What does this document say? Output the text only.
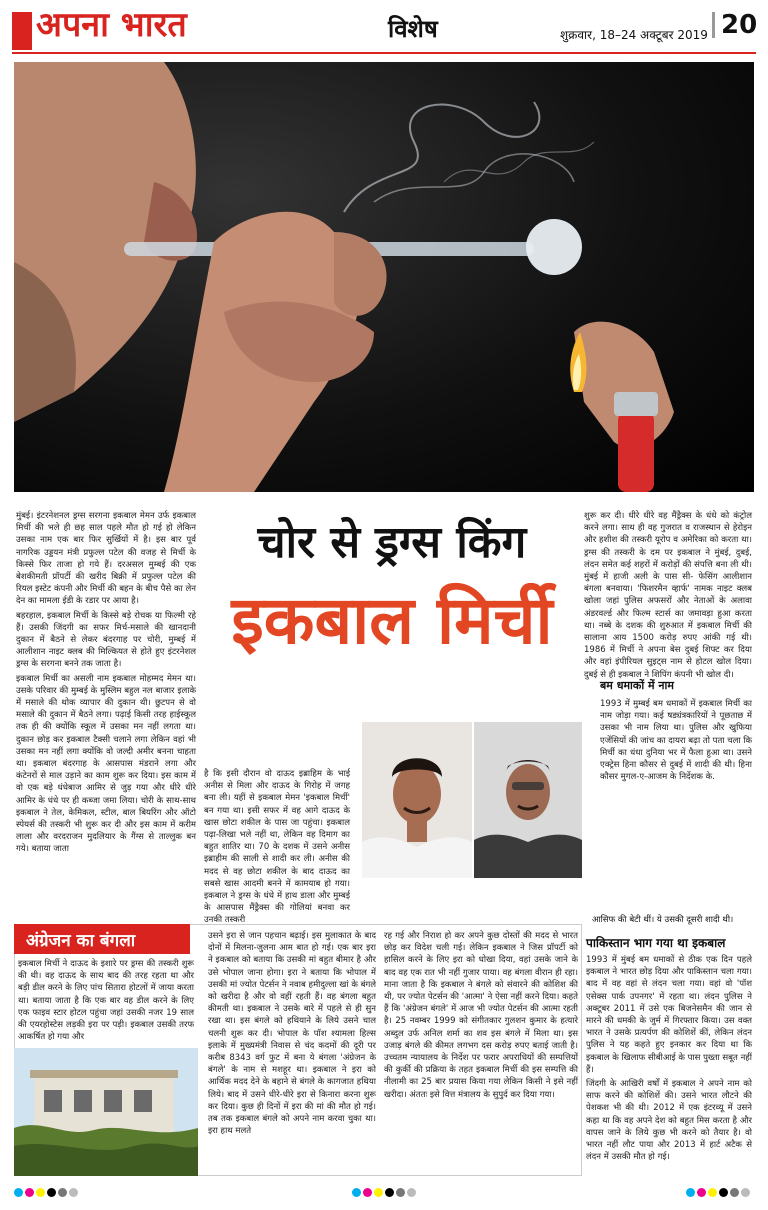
अपना भारत	विशेष	शुक्रवार, 18–24 अक्टूबर 2019 20

मुंबई। इंटरनेशनल ड्रग्स सरगना इकबाल मेमन उर्फ इकबाल मिर्ची की भले ही छह साल पहले मौत हो गई हो लेकिन उसका नाम एक बार फिर सुर्खियों में है। इस बार पूर्व नागरिक उड्डयन मंत्री प्रफुल्ल पटेल की वजह से मिर्ची के किस्से फिर ताजा हो गये हैं। दरअसल मुम्बई की एक बेशकीमती प्रॉपर्टी की खरीद बिक्री में प्रफुल्ल पटेल की रियल इस्टेट कंपनी और मिर्ची की बहन के बीच पैसे का लेन देन का मामला ईडी के रडार पर आया है।

बहरहाल, इकबाल मिर्ची के किस्से बड़े रोचक या फिल्मी रहे हैं। उसकी जिंदगी का सफर मिर्च-मसाले की खानदानी दुकान में बैठने से लेकर बंदरगाह पर चोरी, मुम्बई में आलीशान नाइट क्लब की मिल्कियत से होते हुए इंटरनेशल ड्रग्स के सरगना बनने तक जाता है।

इकबाल मिर्ची का असली नाम इकबाल मोहम्मद मेमन था। उसके परिवार की मुम्बई के मुस्लिम बहुल नल बाजार इलाके में मसाले की थोक व्यापार की दुकान थी। छुटपन से वो मसाले की दुकान में बैठने लगा। पढ़ाई किसी तरह हाईस्कूल तक ही की क्योंकि स्कूल में उसका मन नहीं लगता था। दुकान छोड़ कर इकबाल टैक्सी चलाने लगा लेकिन वहां भी उसका मन नहीं लगा क्योंकि वो जल्दी अमीर बनना चाहता था। इकबाल बंदरगाह के आसपास मंडराने लगा और कंटेनरों से माल उड़ाने का काम शुरू कर दिया। इस काम में वो एक बड़े धंधेबाज आमिर से जुड़ गया और धीरे धीरे आमिर के धंधे पर ही कब्जा जमा लिया। चोरी के साथ-साथ इकबाल ने तेल, केमिकल, स्टील, बाल बियरिंग और ऑटो स्पेयर्स की तस्करी भी शुरू कर दी और इस काम में करीम लाला और वरदराजन मुदलियार के गैंग्स से ताल्लुक बन गये। बताया जाता

चोर से ड्रग्स किंग
इकबाल मिर्ची

है कि इसी दौरान वो दाऊद इब्राहिम के भाई अनीस से मिला और दाऊद के गिरोह में जगह बना ली। यहीं से इकबाल मेमन 'इकबाल मिर्ची' बन गया था। इसी सफर में वह आगे दाऊद के खास छोटा शकील के पास जा पहुंचा। इकबाल पढ़ा-लिखा भले नहीं था, लेकिन वह दिमाग का बहुत शातिर था। 70 के दशक में उसने अनीस इब्राहीम की साली से शादी कर ली। अनीस की मदद से वह छोटा शकील के बाद दाऊद का सबसे खास आदमी बनने में कामयाब हो गया। इकबाल ने ड्रग्स के धंधे में हाथ डाला और मुम्बई के आसपास मैंड्रैक्स की गोलियां बनवा कर उनकी तस्करी

शुरू कर दी। धीरे धीरे वह मैंड्रैक्स के धंधे को कंट्रोल करने लगा। साथ ही वह गुजरात व राजस्थान से हेरोइन और हशीश की तस्करी यूरोप व अमेरिका को करता था। ड्रग्स की तस्करी के दम पर इकबाल ने मुंबई, दुबई, लंदन समेत कई शहरों में करोड़ों की संपत्ति बना ली थी। मुंबई में हाजी अली के पास सी- फेसिंग आलीशान बंगला बनवाया। 'फिशरमैन व्हार्फ' नामक नाइट क्लब खोला जहां पुलिस अफसरों और नेताओं के अलावा अंडरवर्ल्ड और फिल्म स्टार्स का जमावड़ा हुआ करता था। नब्बे के दशक की शुरुआत में इकबाल मिर्ची की सालाना आय 1500 करोड़ रुपए आंकी गई थी। 1986 में मिर्ची ने अपना बेस दुबई शिफ्ट कर दिया और वहां इंपीरियल सुइट्स नाम से होटल खोल दिया। दुबई से ही इकबाल ने शिपिंग कंपनी भी खोल दी।

बम धमाकों में नाम

1993 में मुम्बई बम धमाकों में इकबाल मिर्ची का नाम जोड़ा गया। कई षड्यंत्रकारियों ने पूछताछ में उसका भी नाम लिया था। पुलिस और खुफिया एजेंसियों की जांच का दायरा बढ़ा तो पता चला कि मिर्ची का धंधा दुनिया भर में फैला हुआ था। उसने एक्ट्रेस हिना कौसर से दुबई में शादी की थी। हिना कौसर मुगल-ए-आजम के निर्देशक के.

आसिफ की बेटी थीं। ये उसकी दूसरी शादी थी।
पाकिस्तान भाग गया था इकबाल

1993 में मुंबई बम धमाकों से ठीक एक दिन पहले इकबाल ने भारत छोड़ दिया और पाकिस्तान चला गया। बाद में वह वहां से लंदन चला गया। वहां वो 'पॉश एसेक्स पार्क उपनगर' में रहता था। लंदन पुलिस ने अक्टूबर 2011 में उसे एक बिजनेसमैन की जान से मारने की धमकी के जुर्म में गिरफ्तार किया। उस वक्त भारत ने उसके प्रत्यर्पण की कोशिशें कीं, लेकिन लंदन पुलिस ने यह कहते हुए इनकार कर दिया था कि इकबाल के खिलाफ सीबीआई के पास पुख्ता सबूत नहीं हैं।

जिंदगी के आखिरी वर्षों में इकबाल ने अपने नाम को साफ करने की कोशिशें की। उसने भारत लौटने की पेशकश भी की थी। 2012 में एक इंटरव्यू में उसने कहा था कि वह अपने देश को बहुत मिस करता है और वापस जाने के लिये कुछ भी करने को तैयार है। वो भारत नहीं लौट पाया और 2013 में हार्ट अटैक से लंदन में उसकी मौत हो गई।

अंग्रेजन का बंगला

इकबाल मिर्ची ने दाऊद के इशारे पर ड्रग्स की तस्करी शुरू की थी। वह दाऊद के साथ बाद की तरह रहता था और बड़ी डील करने के लिए पांच सितारा होटलों में जाया करता था। बताया जाता है कि एक बार वह डील करने के लिए एक फाइव स्टार होटल पहुंचा जहां उसकी नजर 19 साल की एयरहोस्टेस लड़की इरा पर पड़ी। इकबाल उसकी तरफ आकर्षित हो गया और

उसने इरा से जान पहचान बढ़ाई। इस मुलाकात के बाद दोनों में मिलना-जुलना आम बात हो गई। एक बार इरा ने इकबाल को बताया कि उसकी मां बहुत बीमार है और उसे भोपाल जाना होगा। इरा ने बताया कि भोपाल में उसकी मां ज्योत पेटर्सन ने नवाब हमीदुल्ला खां के बंगले को खरीदा है और वो वहीं रहती हैं। वह बंगला बहुत कीमती था। इकबाल ने उसके बारे में पहले से ही सुन रखा था। इस बंगले को हथियाने के लिये उसने चाल चलनी शुरू कर दी। भोपाल के पॉश श्यामला हिल्स इलाके में मुख्यमंत्री निवास से चंद कदमों की दूरी पर करीब 8343 वर्ग फुट में बना ये बंगला 'अंग्रेजन के बंगले' के नाम से मशहूर था। इकबाल ने इरा को आर्थिक मदद देने के बहाने से बंगले के कागजात हथिया लिये। बाद में उसने धीरे-धीरे इरा से किनारा करना शुरू कर दिया। कुछ ही दिनों में इरा की मां की मौत हो गई। तब तक इकबाल बंगले को अपने नाम करवा चुका था। इरा हाथ मलते

रह गई और निराश हो कर अपने कुछ दोस्तों की मदद से भारत छोड़ कर विदेश चली गई। लेकिन इकबाल ने जिस प्रॉपर्टी को हासिल करने के लिए इरा को धोखा दिया, वहां उसके जाने के बाद वह एक रात भी नहीं गुजार पाया। वह बंगला वीरान ही रहा। माना जाता है कि इकबाल ने बंगले को संवारने की कोशिश की थी, पर ज्योत पेटर्सन की 'आत्मा' ने ऐसा नहीं करने दिया। कहते हैं कि 'अंग्रेजन बंगले' में आज भी ज्योत पेटर्सन की आत्मा रहती है। 25 नवम्बर 1999 को संगीतकार गुलशन कुमार के हत्यारे अब्दुल उर्फ अनिल शर्मा का शव इस बंगले में मिला था। इस उजाड़ बंगले की कीमत लगभग दस करोड़ रुपए बताई जाती है। उच्चतम न्यायालय के निर्देश पर फरार अपराधियों की सम्पत्तियों की कुर्की की प्रक्रिया के तहत इकबाल मिर्ची की इस सम्पत्ति की नीलामी का 25 बार प्रयास किया गया लेकिन किसी ने इसे नहीं खरीदा। अंततः इसे वित्त मंत्रालय के सुपुर्द कर दिया गया।
